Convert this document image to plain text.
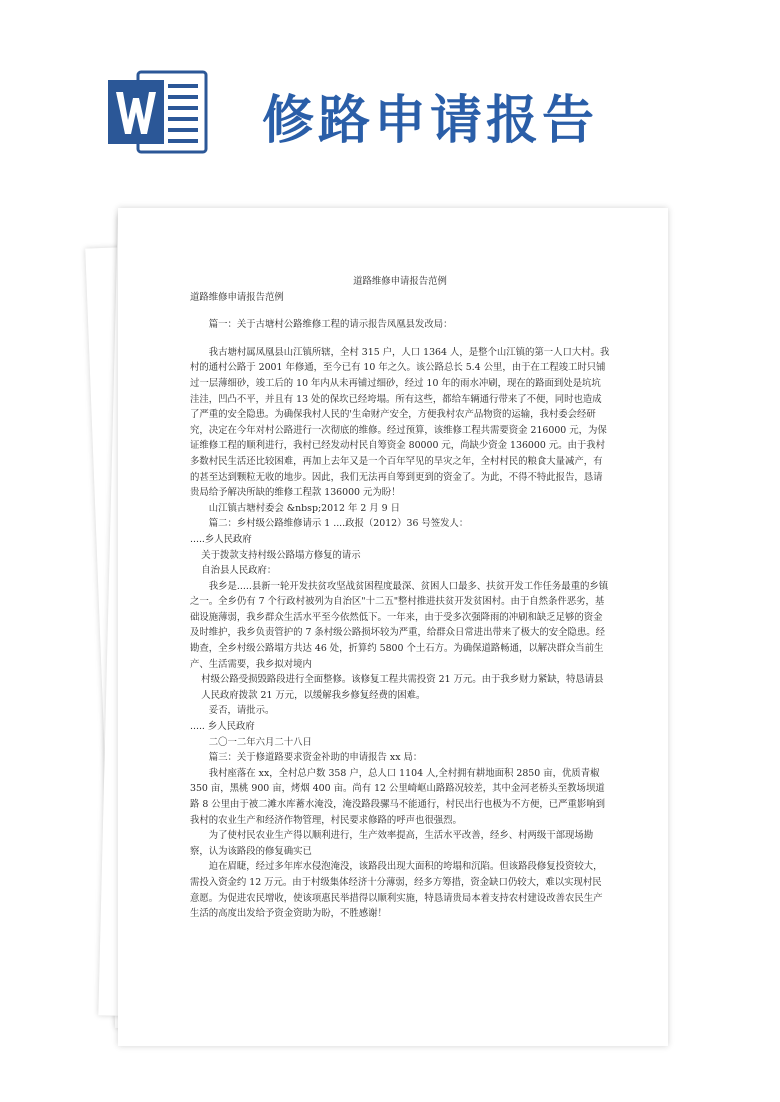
修路申请报告

道路维修申请报告范例

道路维修申请报告范例

篇一：关于古塘村公路维修工程的请示报告凤凰县发改局：

我古塘村属凤凰县山江镇所辖，全村 315 户，人口 1364 人，是整个山江镇的第一人口大村。我村的通村公路于 2001 年修通，至今已有 10 年之久。该公路总长 5.4 公里，由于在工程竣工时只铺过一层薄细砂，竣工后的 10 年内从未再铺过细砂，经过 10 年的雨水冲刷，现在的路面到处是坑坑洼洼，凹凸不平，并且有 13 处的保坎已经垮塌。所有这些，都给车辆通行带来了不便，同时也造成了严重的安全隐患。为确保我村人民的'生命财产安全，方便我村农产品物资的运输，我村委会经研究，决定在今年对村公路进行一次彻底的维修。经过预算，该维修工程共需要资金 216000 元，为保证维修工程的顺利进行，我村已经发动村民自筹资金 80000 元，尚缺少资金 136000 元。由于我村多数村民生活还比较困难，再加上去年又是一个百年罕见的旱灾之年，全村村民的粮食大量减产，有的甚至达到颗粒无收的地步。因此，我们无法再自筹到更到的资金了。为此，不得不特此报告，恳请贵局给予解决所缺的维修工程款 136000 元为盼！

山江镇古塘村委会 &nbsp;2012 年 2 月 9 日

篇二：乡村级公路维修请示 1 ....政报（2012）36 号签发人：

.....乡人民政府

关于拨款支持村级公路塌方修复的请示

自治县人民政府：

我乡是.....县新一轮开发扶贫攻坚战贫困程度最深、贫困人口最多、扶贫开发工作任务最重的乡镇之一。全乡仍有 7 个行政村被列为自治区"十二五"整村推进扶贫开发贫困村。由于自然条件恶劣，基础设施薄弱，我乡群众生活水平至今依然低下。一年来，由于受多次强降雨的冲刷和缺乏足够的资金及时维护，我乡负责管护的 7 条村级公路损坏较为严重，给群众日常进出带来了极大的安全隐患。经勘查，全乡村级公路塌方共达 46 处，折算约 5800 个土石方。为确保道路畅通，以解决群众当前生产、生活需要，我乡拟对境内

村级公路受损毁路段进行全面整修。该修复工程共需投资 21 万元。由于我乡财力紧缺，特恳请县人民政府拨款 21 万元，以缓解我乡修复经费的困难。

妥否，请批示。

..... 乡人民政府

二〇一二年六月二十八日

篇三：关于修道路要求资金补助的申请报告 xx 局：

我村座落在 xx，全村总户数 358 户，总人口 1104 人,全村拥有耕地面积 2850 亩，优质青椒 350 亩，黑桃 900 亩，烤烟 400 亩。尚有 12 公里崎岖山路路况较差，其中金河老桥头至教场坝道路 8 公里由于被二滩水库蓄水淹没，淹没路段骡马不能通行，村民出行也极为不方便，已严重影响到我村的农业生产和经济作物管理，村民要求修路的呼声也很强烈。

为了使村民农业生产得以顺利进行，生产效率提高，生活水平改善，经乡、村两级干部现场勘察，认为该路段的修复确实已

迫在眉睫，经过多年库水侵泡淹没，该路段出现大面积的垮塌和沉陷。但该路段修复投资较大，需投入资金约 12 万元。由于村级集体经济十分薄弱，经多方筹措，资金缺口仍较大，难以实现村民意愿。为促进农民增收，使该项惠民举措得以顺利实施，特恳请贵局本着支持农村建设改善农民生产生活的高度出发给予资金资助为盼，不胜感谢！
